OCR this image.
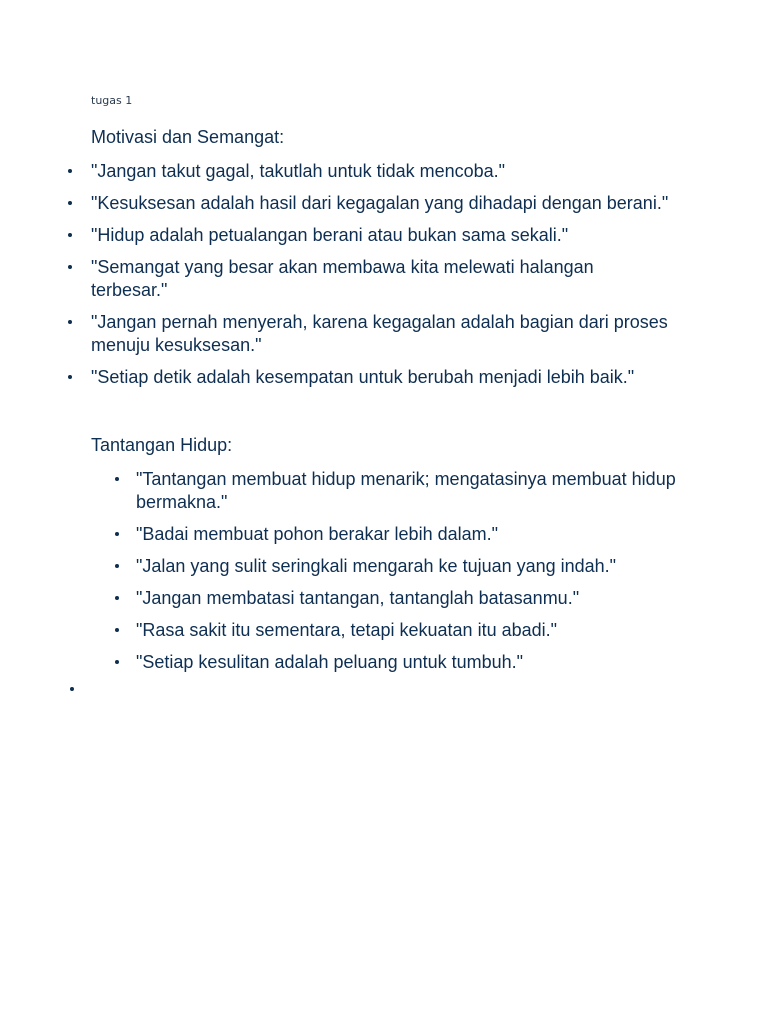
tugas 1
Motivasi dan Semangat:
"Jangan takut gagal, takutlah untuk tidak mencoba."
"Kesuksesan adalah hasil dari kegagalan yang dihadapi dengan berani."
"Hidup adalah petualangan berani atau bukan sama sekali."
"Semangat yang besar akan membawa kita melewati halangan terbesar."
"Jangan pernah menyerah, karena kegagalan adalah bagian dari proses menuju kesuksesan."
"Setiap detik adalah kesempatan untuk berubah menjadi lebih baik."
Tantangan Hidup:
"Tantangan membuat hidup menarik; mengatasinya membuat hidup bermakna."
"Badai membuat pohon berakar lebih dalam."
"Jalan yang sulit seringkali mengarah ke tujuan yang indah."
"Jangan membatasi tantangan, tantanglah batasanmu."
"Rasa sakit itu sementara, tetapi kekuatan itu abadi."
"Setiap kesulitan adalah peluang untuk tumbuh."
